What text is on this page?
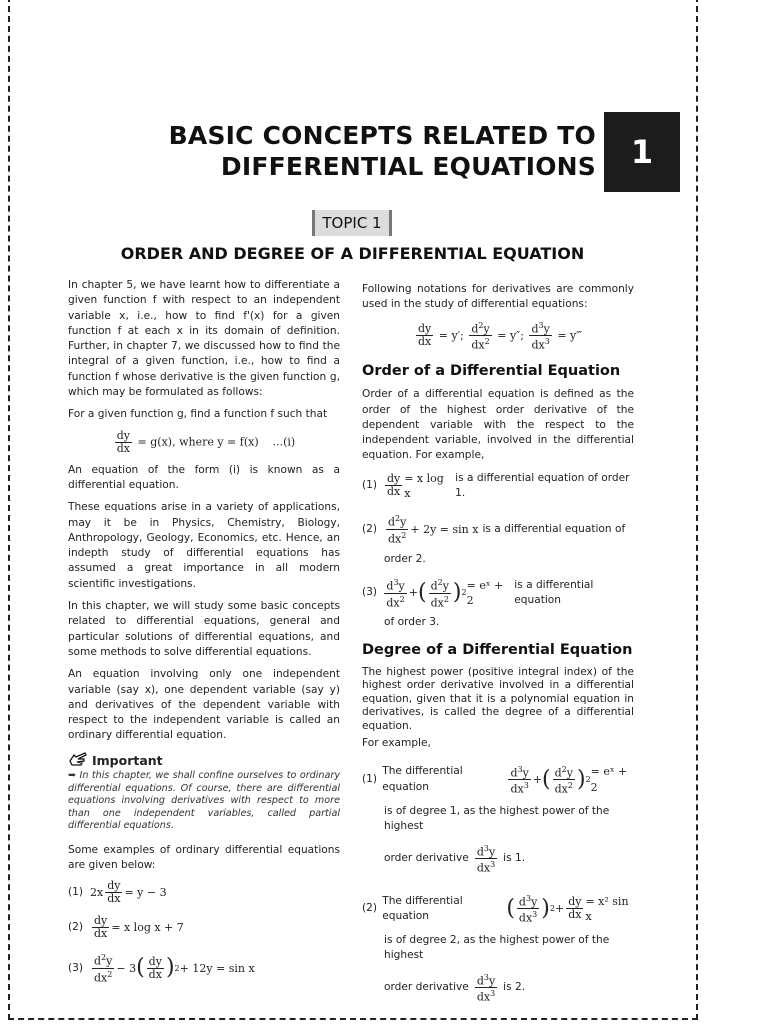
BASIC CONCEPTS RELATED TO
DIFFERENTIAL EQUATIONS	1
TOPIC 1
ORDER AND DEGREE OF A DIFFERENTIAL EQUATION

In chapter 5, we have learnt how to differentiate a given function f with respect to an independent variable x, i.e., how to find f'(x) for a given function f at each x in its domain of definition. Further, in chapter 7, we discussed how to find the integral of a given function, i.e., how to find a function f whose derivative is the given function g, which may be formulated as follows:

For a given function g, find a function f such that

$\frac{dy}{dx} = g(x)$, where y = f(x) ...(i)

An equation of the form (i) is known as a differential equation.

These equations arise in a variety of applications, may it be in Physics, Chemistry, Biology, Anthropology, Geology, Economics, etc. Hence, an indepth study of differential equations has assumed a great importance in all modern scientific investigations.

In this chapter, we will study some basic concepts related to differential equations, general and particular solutions of differential equations, and some methods to solve differential equations.

An equation involving only one independent variable (say x), one dependent variable (say y) and derivatives of the dependent variable with respect to the independent variable is called an ordinary differential equation.

Important
➥ In this chapter, we shall confine ourselves to ordinary differential equations. Of course, there are differential equations involving derivatives with respect to more than one independent variables, called partial differential equations.

Some examples of ordinary differential equations are given below:

(1) $2x \frac{dy}{dx} = y - 3$
$(2) \frac{dy}{dx} = x$ log x + 7
$(3) \frac{d^2y}{dx^2} - 3$ ( $\frac{dy}{dx}$ ) 2 + 12y = sin x

Following notations for derivatives are commonly used in the study of differential equations:

$\frac{dy}{dx} = y'$; $\frac{d^2y}{dx^2} = y''$; $\frac{d^3y}{dx^3}$ = y‴
Order of a Differential Equation

Order of a differential equation is defined as the order of the highest order derivative of the dependent variable with the respect to the independent variable, involved in the differential equation. For example,

$(1) \frac{dy}{dx} = x$ log x
is a differential equation of order 1.
$(2) \frac{d^2y}{dx^2} + 2y = \sin x$ is a differential equation of
order 2.
$(3) \frac{d^3y}{dx^2}$ + ( $\frac{d^2y}{dx^2}$ ) 2
= eˣ + 2
is a differential equation
of order 3.
Degree of a Differential Equation

The highest power (positive integral index) of the highest order derivative involved in a differential equation, given that it is a polynomial equation in derivatives, is called the degree of a differential equation.

For example,

(1)
The differential equation	$\frac{d^3y}{dx^3}$ + ( $\frac{d^2y}{dx^2}$ ) 2
= eˣ + 2
is of degree 1, as the highest power of the highest
order derivative $\frac{d^3y}{dx^3}$ is 1.
(2)
The differential equation	( $\frac{d^3y}{dx^3}$ ) $2 + \frac{dy}{dx} = x^2$ sin x
is of degree 2, as the highest power of the highest
order derivative $\frac{d^3y}{dx^3}$ is 2.
